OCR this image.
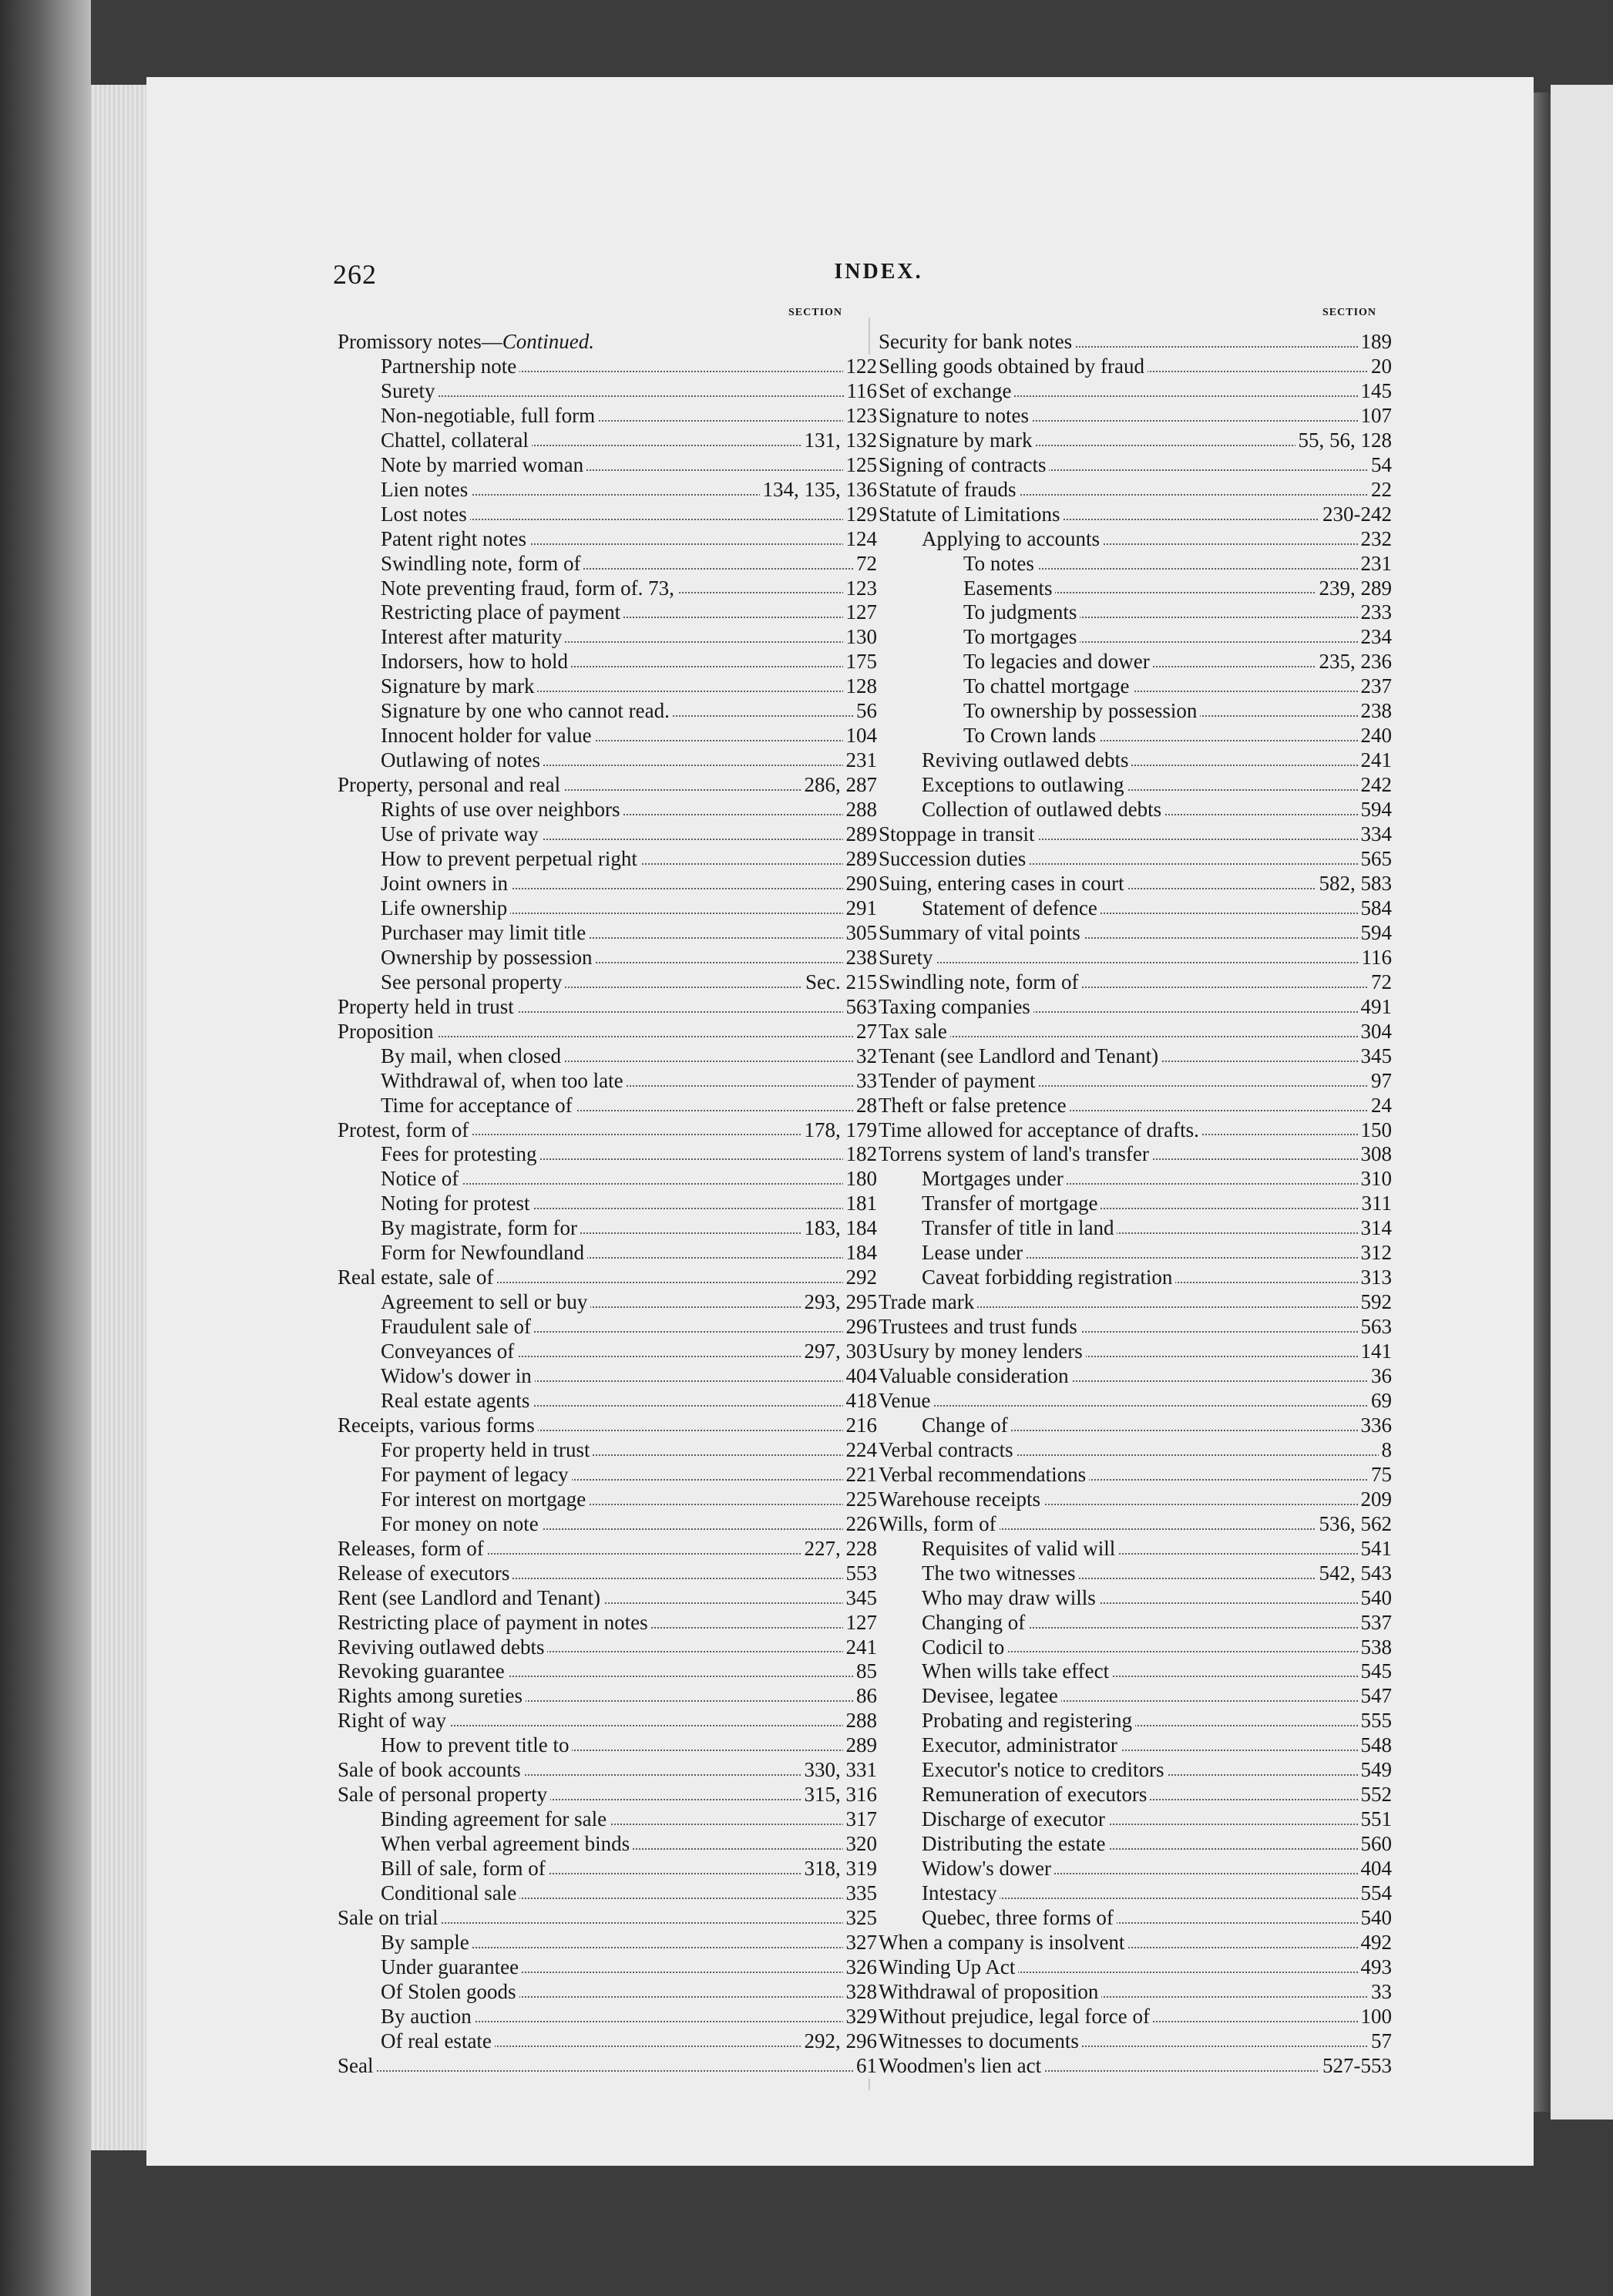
262	INDEX.
SECTION	SECTION
Promissory notes—Continued.
Partnership note	122
Surety	116
Non-negotiable, full form	123
Chattel, collateral	131, 132
Note by married woman	125
Lien notes	134, 135, 136
Lost notes	129
Patent right notes	124
Swindling note, form of	72
Note preventing fraud, form of. 73,	123
Restricting place of payment	127
Interest after maturity	130
Indorsers, how to hold	175
Signature by mark	128
Signature by one who cannot read.	56
Innocent holder for value	104
Outlawing of notes	231
Property, personal and real	286, 287
Rights of use over neighbors	288
Use of private way	289
How to prevent perpetual right	289
Joint owners in	290
Life ownership	291
Purchaser may limit title	305
Ownership by possession	238
See personal property	Sec. 215
Property held in trust	563
Proposition	27
By mail, when closed	32
Withdrawal of, when too late	33
Time for acceptance of	28
Protest, form of	178, 179
Fees for protesting	182
Notice of	180
Noting for protest	181
By magistrate, form for	183, 184
Form for Newfoundland	184
Real estate, sale of	292
Agreement to sell or buy	293, 295
Fraudulent sale of	296
Conveyances of	297, 303
Widow's dower in	404
Real estate agents	418
Receipts, various forms	216
For property held in trust	224
For payment of legacy	221
For interest on mortgage	225
For money on note	226
Releases, form of	227, 228
Release of executors	553
Rent (see Landlord and Tenant)	345
Restricting place of payment in notes	127
Reviving outlawed debts	241
Revoking guarantee	85
Rights among sureties	86
Right of way	288
How to prevent title to	289
Sale of book accounts	330, 331
Sale of personal property	315, 316
Binding agreement for sale	317
When verbal agreement binds	320
Bill of sale, form of	318, 319
Conditional sale	335
Sale on trial	325
By sample	327
Under guarantee	326
Of Stolen goods	328
By auction	329
Of real estate	292, 296
Seal	61
Security for bank notes	189
Selling goods obtained by fraud	20
Set of exchange	145
Signature to notes	107
Signature by mark	55, 56, 128
Signing of contracts	54
Statute of frauds	22
Statute of Limitations	230-242
Applying to accounts	232
To notes	231
Easements	239, 289
To judgments	233
To mortgages	234
To legacies and dower	235, 236
To chattel mortgage	237
To ownership by possession	238
To Crown lands	240
Reviving outlawed debts	241
Exceptions to outlawing	242
Collection of outlawed debts	594
Stoppage in transit	334
Succession duties	565
Suing, entering cases in court	582, 583
Statement of defence	584
Summary of vital points	594
Surety	116
Swindling note, form of	72
Taxing companies	491
Tax sale	304
Tenant (see Landlord and Tenant)	345
Tender of payment	97
Theft or false pretence	24
Time allowed for acceptance of drafts.	150
Torrens system of land's transfer	308
Mortgages under	310
Transfer of mortgage	311
Transfer of title in land	314
Lease under	312
Caveat forbidding registration	313
Trade mark	592
Trustees and trust funds	563
Usury by money lenders	141
Valuable consideration	36
Venue	69
Change of	336
Verbal contracts	8
Verbal recommendations	75
Warehouse receipts	209
Wills, form of	536, 562
Requisites of valid will	541
The two witnesses	542, 543
Who may draw wills	540
Changing of	537
Codicil to	538
When wills take effect	545
Devisee, legatee	547
Probating and registering	555
Executor, administrator	548
Executor's notice to creditors	549
Remuneration of executors	552
Discharge of executor	551
Distributing the estate	560
Widow's dower	404
Intestacy	554
Quebec, three forms of	540
When a company is insolvent	492
Winding Up Act	493
Withdrawal of proposition	33
Without prejudice, legal force of	100
Witnesses to documents	57
Woodmen's lien act	527-553
